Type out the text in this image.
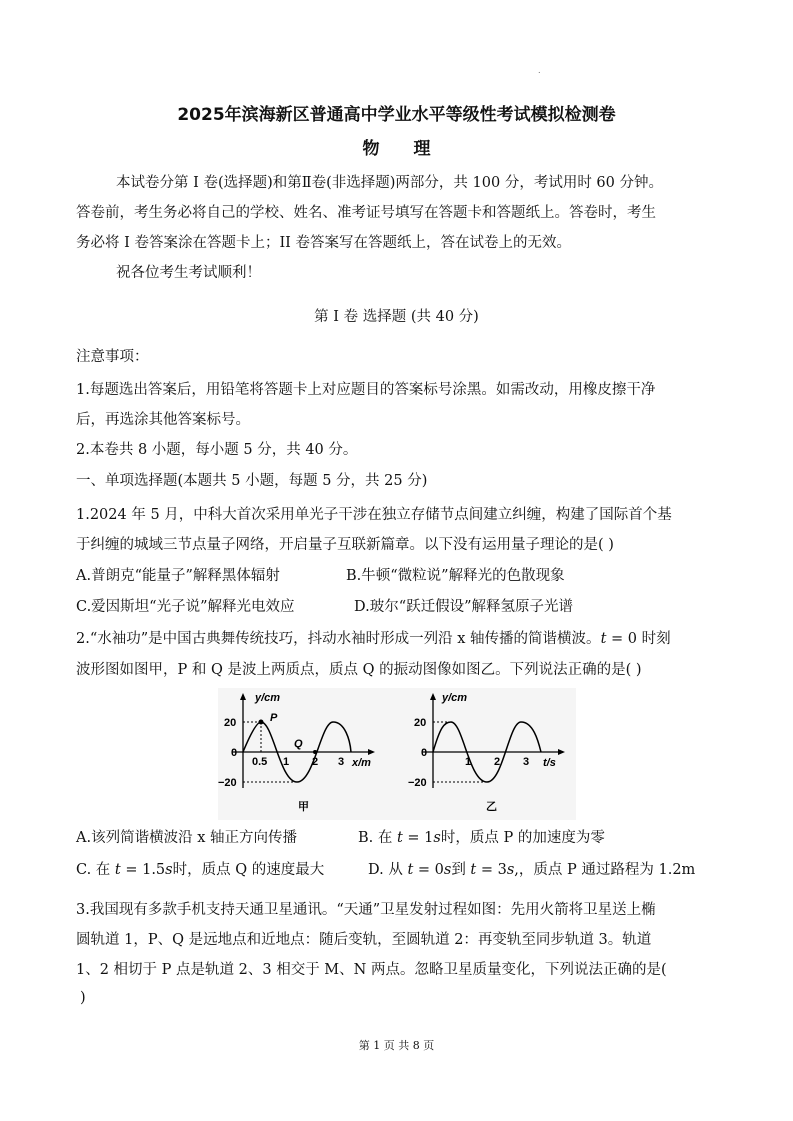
.
2025年滨海新区普通高中学业水平等级性考试模拟检测卷
物 理
本试卷分第 I 卷(选择题)和第Ⅱ卷(非选择题)两部分，共 100 分，考试用时 60 分钟。
答卷前，考生务必将自己的学校、姓名、准考证号填写在答题卡和答题纸上。答卷时，考生
务必将 I 卷答案涂在答题卡上；II 卷答案写在答题纸上，答在试卷上的无效。
祝各位考生考试顺利！
第 I 卷 选择题 (共 40 分)
注意事项：
1.每题选出答案后，用铅笔将答题卡上对应题目的答案标号涂黑。如需改动，用橡皮擦干净
后，再选涂其他答案标号。
2.本卷共 8 小题，每小题 5 分，共 40 分。
一、单项选择题(本题共 5 小题，每题 5 分，共 25 分)
1.2024 年 5 月，中科大首次采用单光子干涉在独立存储节点间建立纠缠，构建了国际首个基
于纠缠的城域三节点量子网络，开启量子互联新篇章。以下没有运用量子理论的是( )
A.普朗克“能量子”解释黑体辐射	B.牛顿“微粒说”解释光的色散现象
C.爱因斯坦“光子说”解释光电效应	D.玻尔“跃迁假设”解释氢原子光谱
2.“水袖功”是中国古典舞传统技巧，抖动水袖时形成一列沿 x 轴传播的简谐横波。t = 0 时刻
波形图如图甲，P 和 Q 是波上两质点，质点 Q 的振动图像如图乙。下列说法正确的是( )
y/cm
20
0
−20
0.5 1 2 3 x/m
P
Q
甲
y/cm
20
0
−20
1 2 3 t/s
乙
A.该列简谐横波沿 x 轴正方向传播	B. 在 t = 1s时，质点 P 的加速度为零
C. 在 t = 1.5s时，质点 Q 的速度最大	D. 从 t = 0s到 t = 3s,，质点 P 通过路程为 1.2m
3.我国现有多款手机支持天通卫星通讯。“天通”卫星发射过程如图：先用火箭将卫星送上椭
圆轨道 1，P、Q 是远地点和近地点：随后变轨，至圆轨道 2：再变轨至同步轨道 3。轨道
1、2 相切于 P 点是轨道 2、3 相交于 M、N 两点。忽略卫星质量变化，下列说法正确的是(
)
第 1 页 共 8 页
